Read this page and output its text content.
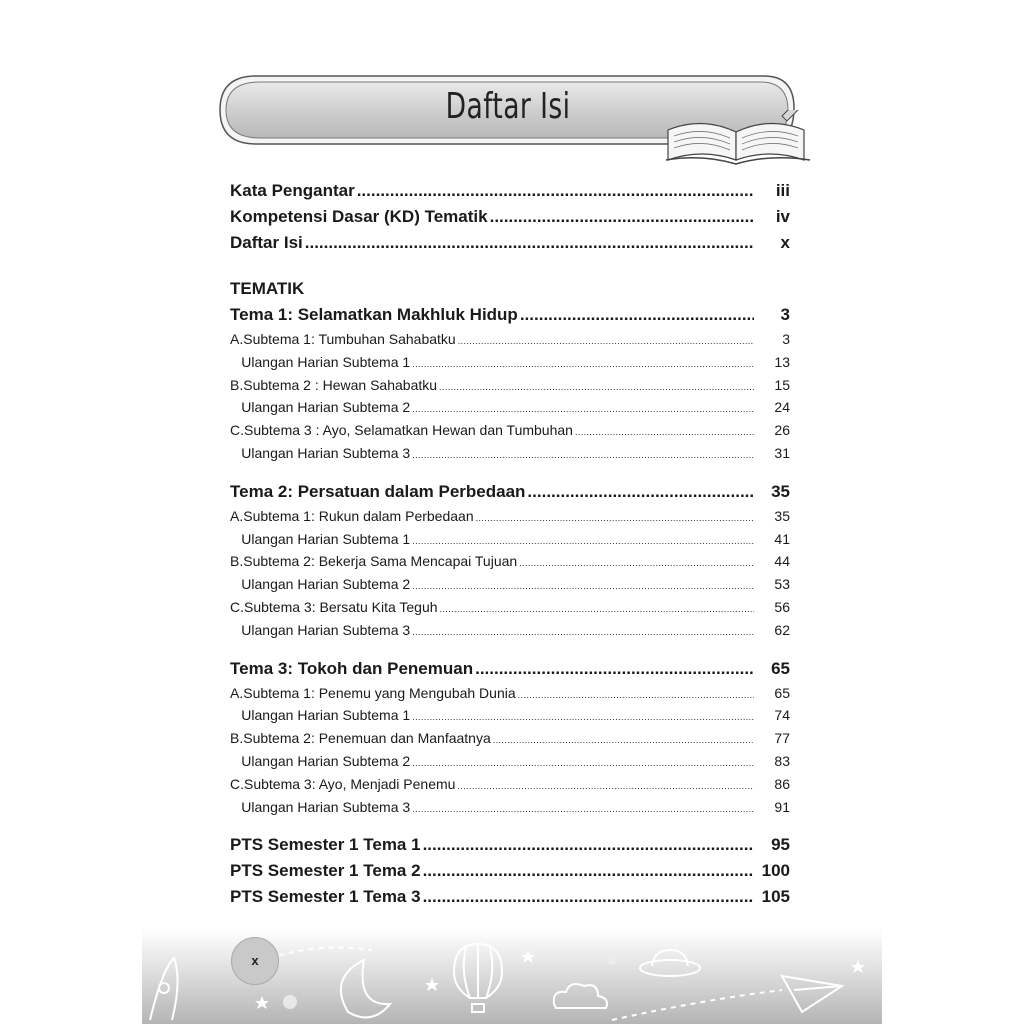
Daftar Isi
Kata Pengantar .....	iii
Kompetensi Dasar (KD) Tematik .....	iv
Daftar Isi .....	x
TEMATIK
Tema 1: Selamatkan Makhluk Hidup .....	3
A. Subtema 1: Tumbuhan Sahabatku .....	3
Ulangan Harian Subtema 1 .....	13
B. Subtema 2 : Hewan Sahabatku .....	15
Ulangan Harian Subtema 2 .....	24
C. Subtema 3 : Ayo, Selamatkan Hewan dan Tumbuhan .....	26
Ulangan Harian Subtema 3 .....	31
Tema 2: Persatuan dalam Perbedaan .....	35
A. Subtema 1: Rukun dalam Perbedaan .....	35
Ulangan Harian Subtema 1 .....	41
B. Subtema 2: Bekerja Sama Mencapai Tujuan .....	44
Ulangan Harian Subtema 2 .....	53
C. Subtema 3: Bersatu Kita Teguh .....	56
Ulangan Harian Subtema 3 .....	62
Tema 3: Tokoh dan Penemuan .....	65
A. Subtema 1: Penemu yang Mengubah Dunia .....	65
Ulangan Harian Subtema 1 .....	74
B. Subtema 2: Penemuan dan Manfaatnya .....	77
Ulangan Harian Subtema 2 .....	83
C. Subtema 3: Ayo, Menjadi Penemu .....	86
Ulangan Harian Subtema 3 .....	91
PTS Semester 1 Tema 1 .....	95
PTS Semester 1 Tema 2 .....	100
PTS Semester 1 Tema 3 .....	105
x
